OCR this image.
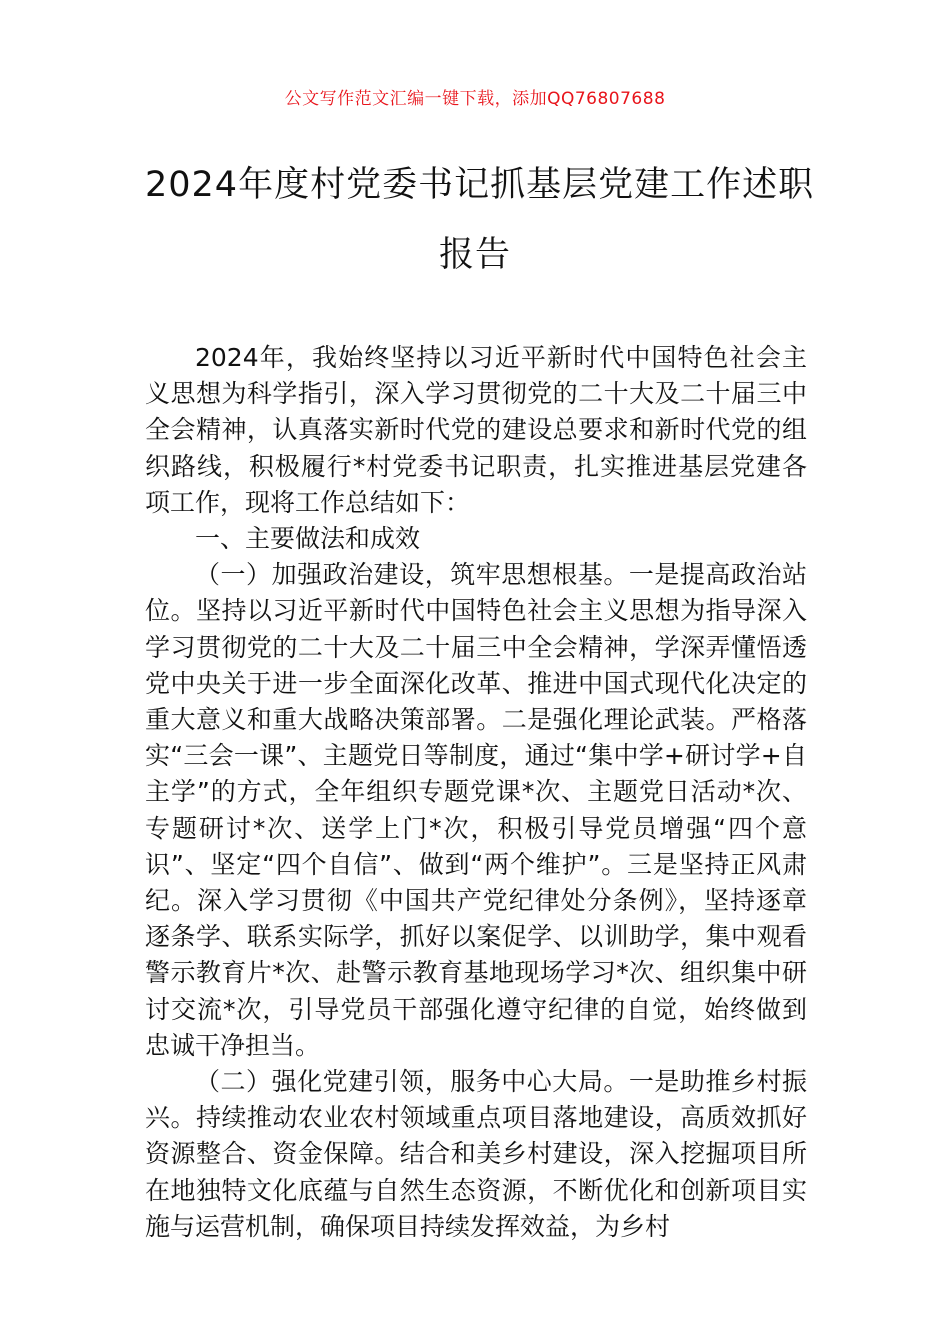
公文写作范文汇编一键下载，添加QQ76807688
2024年度村党委书记抓基层党建工作述职
报告

2024年，我始终坚持以习近平新时代中国特色社会主义思想为科学指引，深入学习贯彻党的二十大及二十届三中全会精神，认真落实新时代党的建设总要求和新时代党的组织路线，积极履行*村党委书记职责，扎实推进基层党建各项工作，现将工作总结如下：

一、主要做法和成效

（一）加强政治建设，筑牢思想根基。一是提高政治站位。坚持以习近平新时代中国特色社会主义思想为指导深入学习贯彻党的二十大及二十届三中全会精神，学深弄懂悟透党中央关于进一步全面深化改革、推进中国式现代化决定的重大意义和重大战略决策部署。二是强化理论武装。严格落实“三会一课”、主题党日等制度，通过“集中学+研讨学+自主学”的方式，全年组织专题党课*次、主题党日活动*次、专题研讨*次、送学上门*次，积极引导党员增强“四个意识”、坚定“四个自信”、做到“两个维护”。三是坚持正风肃纪。深入学习贯彻《中国共产党纪律处分条例》，坚持逐章逐条学、联系实际学，抓好以案促学、以训助学，集中观看警示教育片*次、赴警示教育基地现场学习*次、组织集中研讨交流*次，引导党员干部强化遵守纪律的自觉，始终做到忠诚干净担当。

（二）强化党建引领，服务中心大局。一是助推乡村振兴。持续推动农业农村领域重点项目落地建设，高质效抓好资源整合、资金保障。结合和美乡村建设，深入挖掘项目所在地独特文化底蕴与自然生态资源，不断优化和创新项目实施与运营机制，确保项目持续发挥效益，为乡村
